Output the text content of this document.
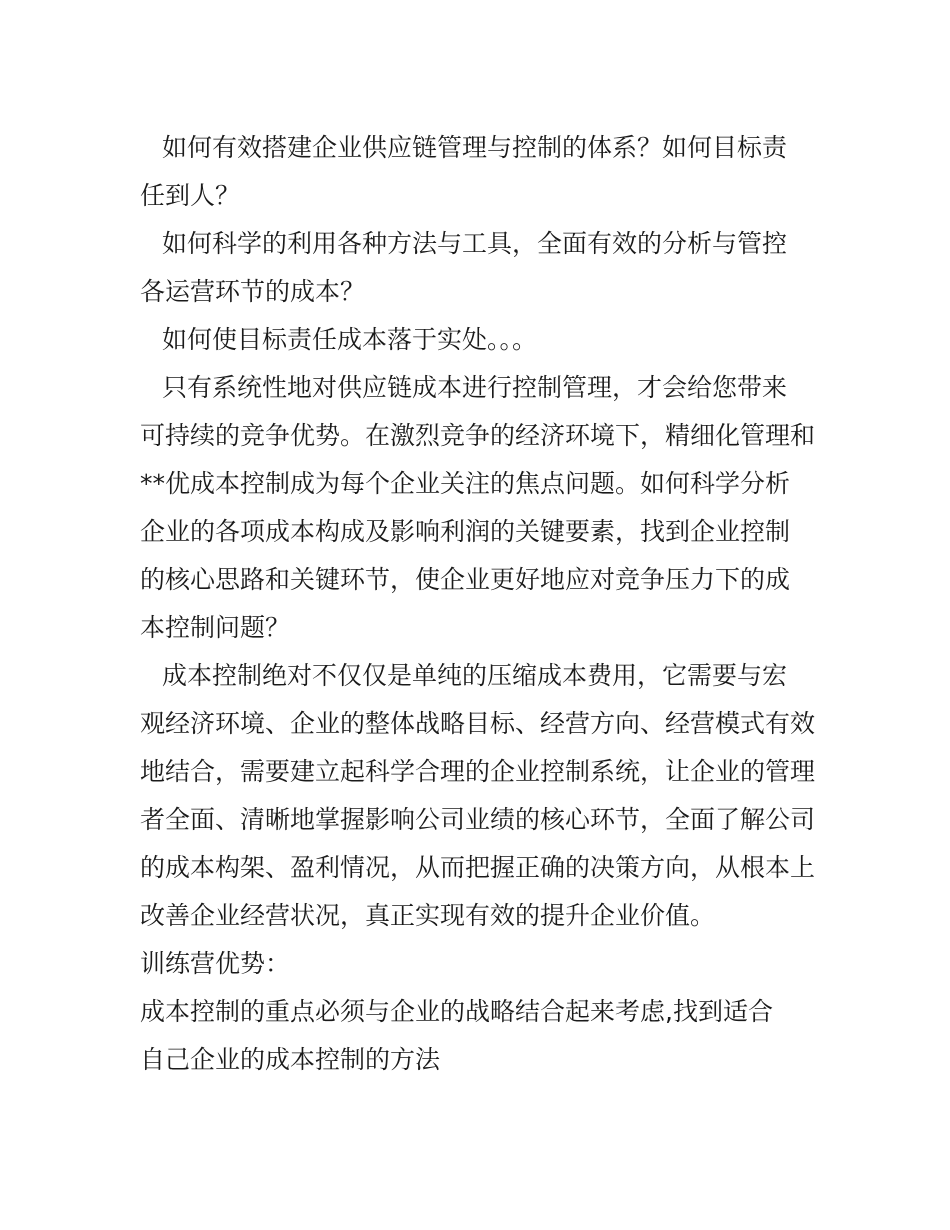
如何有效搭建企业供应链管理与控制的体系？如何目标责
任到人？
如何科学的利用各种方法与工具，全面有效的分析与管控
各运营环节的成本？
如何使目标责任成本落于实处。。。
只有系统性地对供应链成本进行控制管理，才会给您带来
可持续的竞争优势。在激烈竞争的经济环境下，精细化管理和
**优成本控制成为每个企业关注的焦点问题。如何科学分析
企业的各项成本构成及影响利润的关键要素，找到企业控制
的核心思路和关键环节，使企业更好地应对竞争压力下的成
本控制问题？
成本控制绝对不仅仅是单纯的压缩成本费用，它需要与宏
观经济环境、企业的整体战略目标、经营方向、经营模式有效
地结合，需要建立起科学合理的企业控制系统，让企业的管理
者全面、清晰地掌握影响公司业绩的核心环节，全面了解公司
的成本构架、盈利情况，从而把握正确的决策方向，从根本上
改善企业经营状况，真正实现有效的提升企业价值。
训练营优势：
成本控制的重点必须与企业的战略结合起来考虑,找到适合
自己企业的成本控制的方法
